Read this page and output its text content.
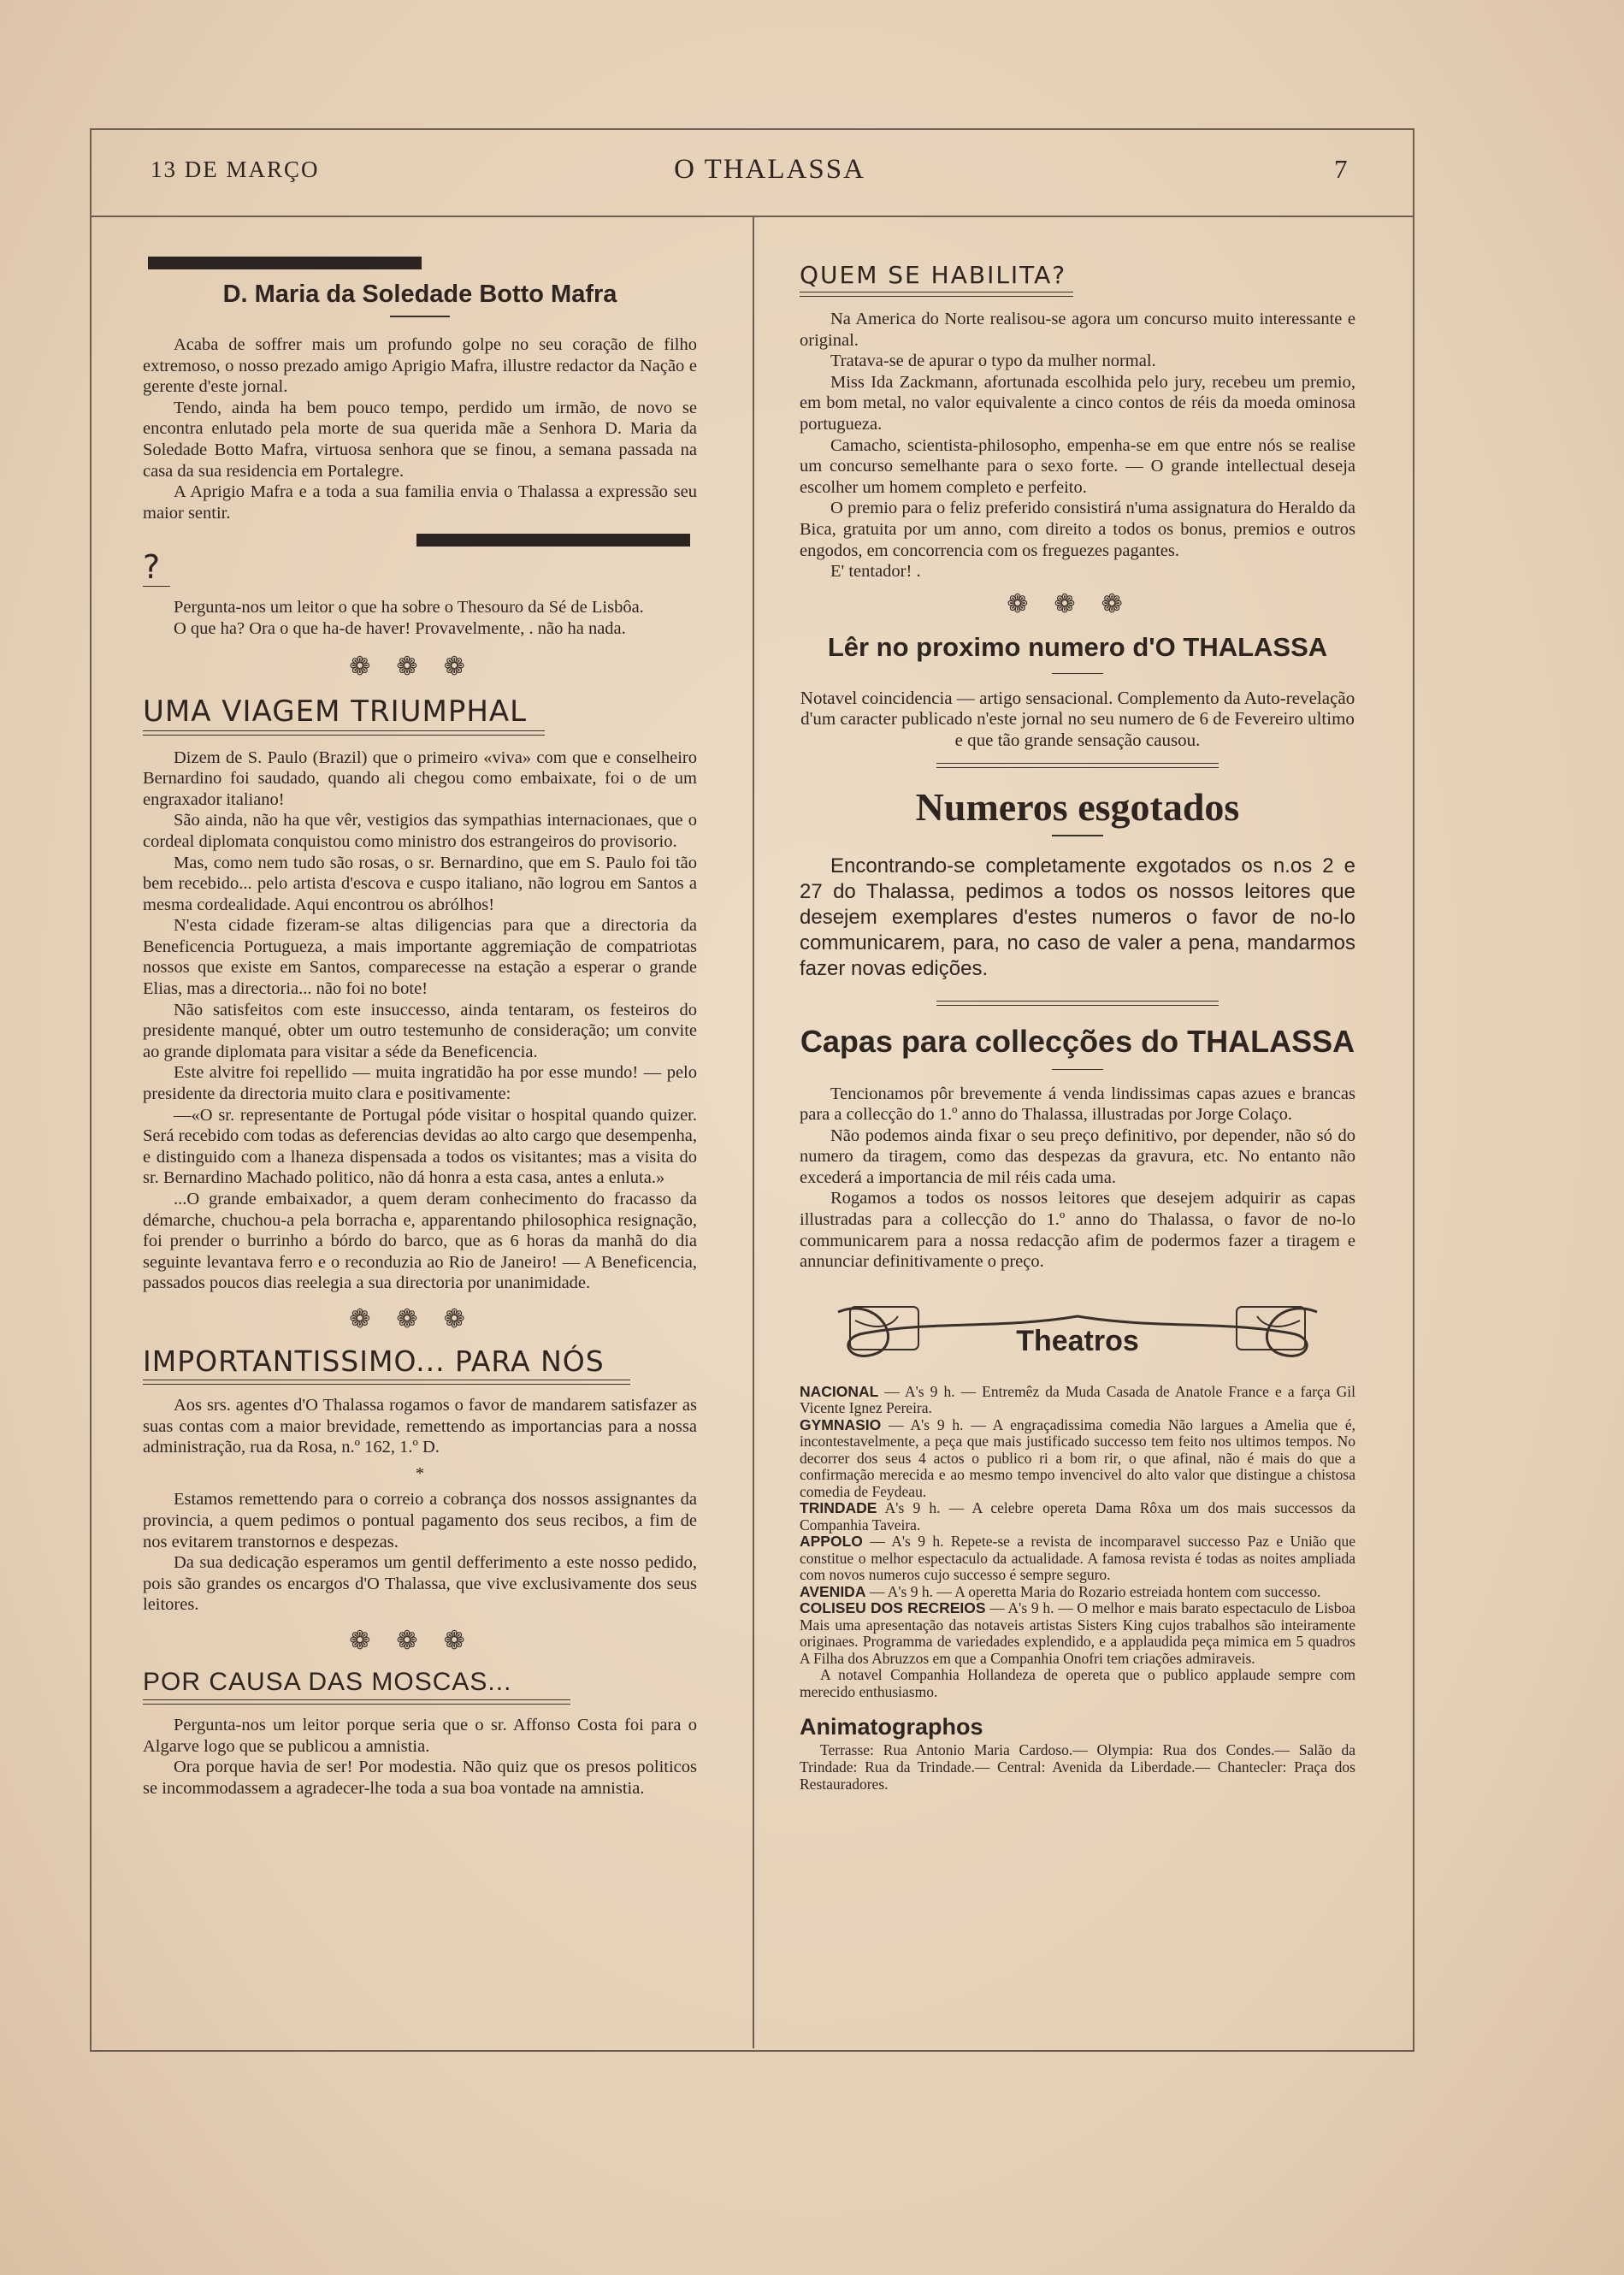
13 DE MARÇO	O THALASSA	7
D. Maria da Soledade Botto Mafra

Acaba de soffrer mais um profundo golpe no seu coração de filho extremoso, o nosso prezado amigo Aprigio Mafra, illustre redactor da Nação e gerente d'este jornal.

Tendo, ainda ha bem pouco tempo, perdido um irmão, de novo se encontra enlutado pela morte de sua querida mãe a Senhora D. Maria da Soledade Botto Mafra, virtuosa senhora que se finou, a semana passada na casa da sua residencia em Portalegre.

A Aprigio Mafra e a toda a sua familia envia o Thalassa a expressão seu maior sentir.

?

Pergunta-nos um leitor o que ha sobre o Thesouro da Sé de Lisbôa.

O que ha? Ora o que ha-de haver! Provavelmente, . não ha nada.

❁❁❁
UMA VIAGEM TRIUMPHAL

Dizem de S. Paulo (Brazil) que o primeiro «viva» com que e conselheiro Bernardino foi saudado, quando ali chegou como embaixate, foi o de um engraxador italiano!

São ainda, não ha que vêr, vestigios das sympathias internacionaes, que o cordeal diplomata conquistou como ministro dos estrangeiros do provisorio.

Mas, como nem tudo são rosas, o sr. Bernardino, que em S. Paulo foi tão bem recebido... pelo artista d'escova e cuspo italiano, não logrou em Santos a mesma cordealidade. Aqui encontrou os abrólhos!

N'esta cidade fizeram-se altas diligencias para que a directoria da Beneficencia Portugueza, a mais importante aggremiação de compatriotas nossos que existe em Santos, comparecesse na estação a esperar o grande Elias, mas a directoria... não foi no bote!

Não satisfeitos com este insuccesso, ainda tentaram, os festeiros do presidente manqué, obter um outro testemunho de consideração; um convite ao grande diplomata para visitar a séde da Beneficencia.

Este alvitre foi repellido — muita ingratidão ha por esse mundo! — pelo presidente da directoria muito clara e positivamente:

—«O sr. representante de Portugal póde visitar o hospital quando quizer. Será recebido com todas as deferencias devidas ao alto cargo que desempenha, e distinguido com a lhaneza dispensada a todos os visitantes; mas a visita do sr. Bernardino Machado politico, não dá honra a esta casa, antes a enluta.»

...O grande embaixador, a quem deram conhecimento do fracasso da démarche, chuchou-a pela borracha e, apparentando philosophica resignação, foi prender o burrinho a bórdo do barco, que as 6 horas da manhã do dia seguinte levantava ferro e o reconduzia ao Rio de Janeiro! — A Beneficencia, passados poucos dias reelegia a sua directoria por unanimidade.

❁❁❁
IMPORTANTISSIMO... PARA NÓS

Aos srs. agentes d'O Thalassa rogamos o favor de mandarem satisfazer as suas contas com a maior brevidade, remettendo as importancias para a nossa administração, rua da Rosa, n.º 162, 1.º D.

*

Estamos remettendo para o correio a cobrança dos nossos assignantes da provincia, a quem pedimos o pontual pagamento dos seus recibos, a fim de nos evitarem transtornos e despezas.

Da sua dedicação esperamos um gentil defferimento a este nosso pedido, pois são grandes os encargos d'O Thalassa, que vive exclusivamente dos seus leitores.

❁❁❁
POR CAUSA DAS MOSCAS...

Pergunta-nos um leitor porque seria que o sr. Affonso Costa foi para o Algarve logo que se publicou a amnistia.

Ora porque havia de ser! Por modestia. Não quiz que os presos politicos se incommodassem a agradecer-lhe toda a sua boa vontade na amnistia.

QUEM SE HABILITA?

Na America do Norte realisou-se agora um concurso muito interessante e original.

Tratava-se de apurar o typo da mulher normal.

Miss Ida Zackmann, afortunada escolhida pelo jury, recebeu um premio, em bom metal, no valor equivalente a cinco contos de réis da moeda ominosa portugueza.

Camacho, scientista-philosopho, empenha-se em que entre nós se realise um concurso semelhante para o sexo forte. — O grande intellectual deseja escolher um homem completo e perfeito.

O premio para o feliz preferido consistirá n'uma assignatura do Heraldo da Bica, gratuita por um anno, com direito a todos os bonus, premios e outros engodos, em concorrencia com os freguezes pagantes.

E' tentador! .

❁❁❁
Lêr no proximo numero d'O THALASSA

Notavel coincidencia — artigo sensacional. Complemento da Auto-revelação d'um caracter publicado n'este jornal no seu numero de 6 de Fevereiro ultimo e que tão grande sensação causou.

Numeros esgotados

Encontrando-se completamente exgotados os n.os 2 e 27 do Thalassa, pedimos a todos os nossos leitores que desejem exemplares d'estes numeros o favor de no-lo communicarem, para, no caso de valer a pena, mandarmos fazer novas edições.

Capas para collecções do THALASSA

Tencionamos pôr brevemente á venda lindissimas capas azues e brancas para a collecção do 1.º anno do Thalassa, illustradas por Jorge Colaço.

Não podemos ainda fixar o seu preço definitivo, por depender, não só do numero da tiragem, como das despezas da gravura, etc. No entanto não excederá a importancia de mil réis cada uma.

Rogamos a todos os nossos leitores que desejem adquirir as capas illustradas para a collecção do 1.º anno do Thalassa, o favor de no-lo communicarem para a nossa redacção afim de podermos fazer a tiragem e annunciar definitivamente o preço.

Theatros

NACIONAL — A's 9 h. — Entremêz da Muda Casada de Anatole France e a farça Gil Vicente Ignez Pereira.

GYMNASIO — A's 9 h. — A engraçadissima comedia Não largues a Amelia que é, incontestavelmente, a peça que mais justificado successo tem feito nos ultimos tempos. No decorrer dos seus 4 actos o publico ri a bom rir, o que afinal, não é mais do que a confirmação merecida e ao mesmo tempo invencivel do alto valor que distingue a chistosa comedia de Feydeau.

TRINDADE A's 9 h. — A celebre opereta Dama Rôxa um dos mais successos da Companhia Taveira.

APPOLO — A's 9 h. Repete-se a revista de incomparavel successo Paz e União que constitue o melhor espectaculo da actualidade. A famosa revista é todas as noites ampliada com novos numeros cujo successo é sempre seguro.

AVENIDA — A's 9 h. — A operetta Maria do Rozario estreiada hontem com successo.

COLISEU DOS RECREIOS — A's 9 h. — O melhor e mais barato espectaculo de Lisboa Mais uma apresentação das notaveis artistas Sisters King cujos trabalhos são inteiramente originaes. Programma de variedades explendido, e a applaudida peça mimica em 5 quadros A Filha dos Abruzzos em que a Companhia Onofri tem criações admiraveis.

A notavel Companhia Hollandeza de opereta que o publico applaude sempre com merecido enthusiasmo.

Animatographos

Terrasse: Rua Antonio Maria Cardoso.— Olympia: Rua dos Condes.— Salão da Trindade: Rua da Trindade.— Central: Avenida da Liberdade.— Chantecler: Praça dos Restauradores.
